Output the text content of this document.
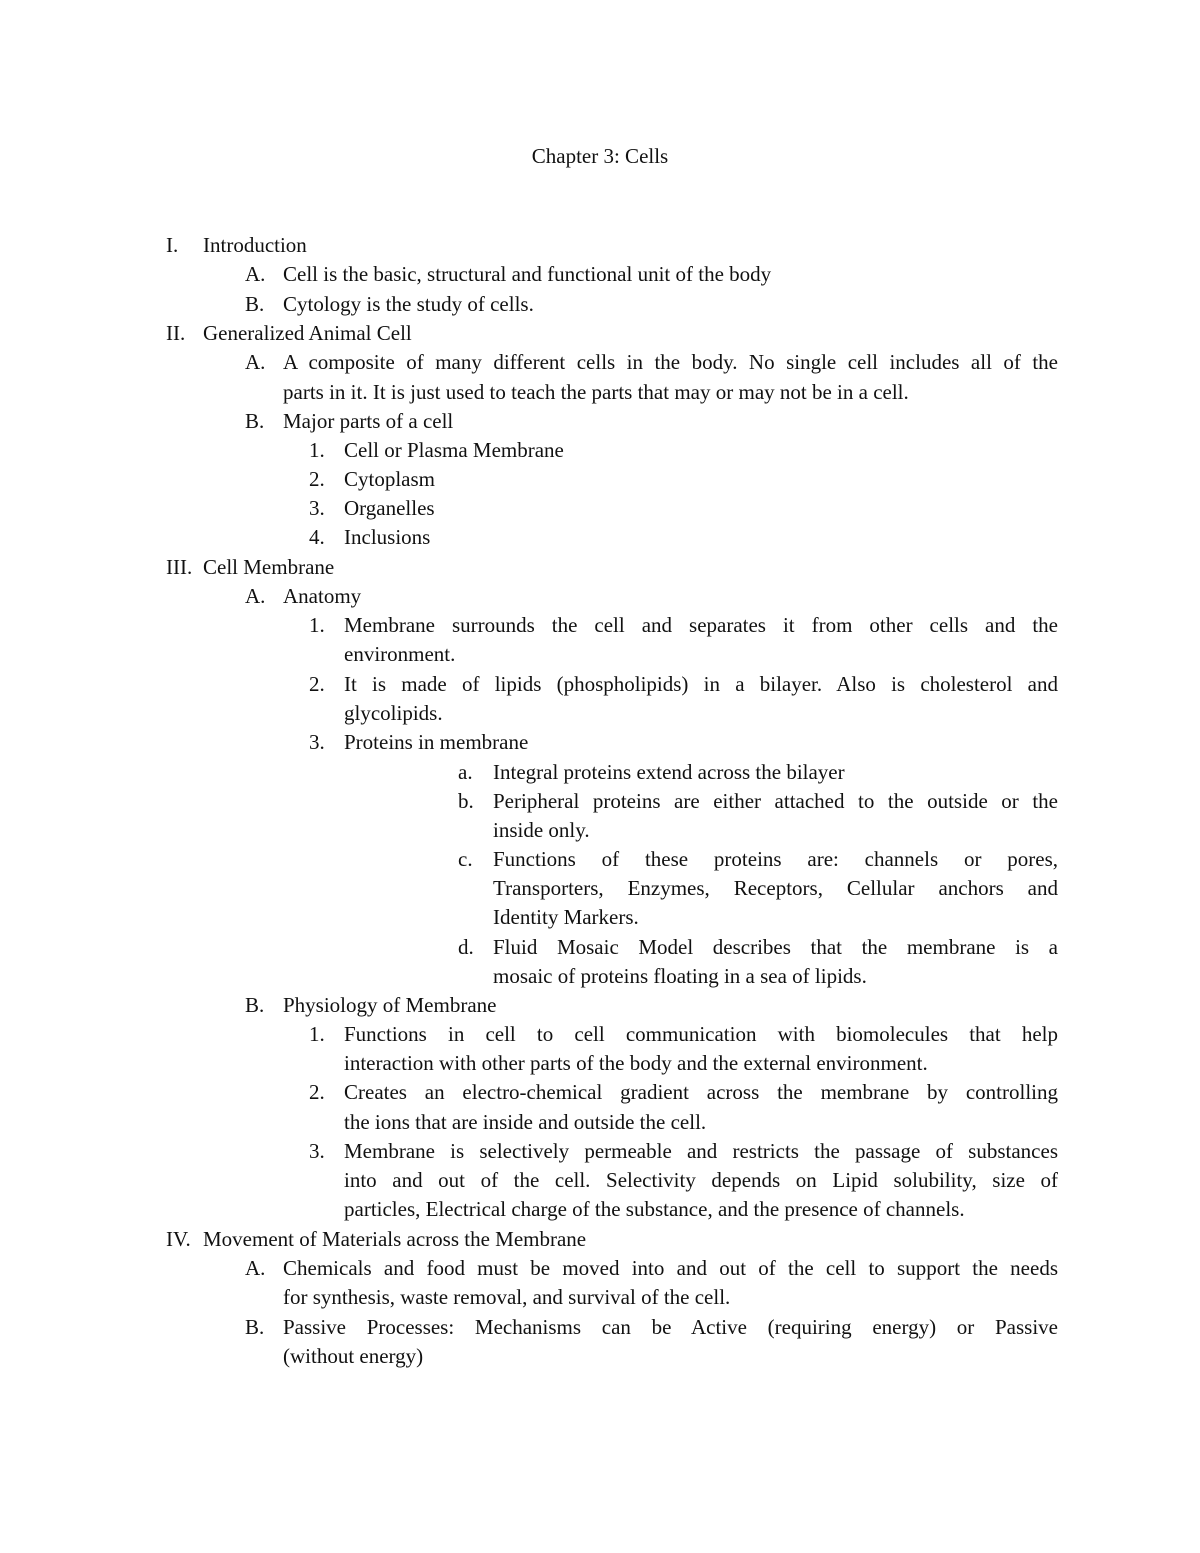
Chapter 3: Cells
I. Introduction
A. Cell is the basic, structural and functional unit of the body
B. Cytology is the study of cells.
II. Generalized Animal Cell
A. A composite of many different cells in the body. No single cell includes all of the
parts in it. It is just used to teach the parts that may or may not be in a cell.
B. Major parts of a cell
1. Cell or Plasma Membrane
2. Cytoplasm
3. Organelles
4. Inclusions
III. Cell Membrane
A. Anatomy
1. Membrane surrounds the cell and separates it from other cells and the
environment.
2. It is made of lipids (phospholipids) in a bilayer. Also is cholesterol and
glycolipids.
3. Proteins in membrane
a. Integral proteins extend across the bilayer
b. Peripheral proteins are either attached to the outside or the
inside only.
c. Functions of these proteins are: channels or pores,
Transporters, Enzymes, Receptors, Cellular anchors and
Identity Markers.
d. Fluid Mosaic Model describes that the membrane is a
mosaic of proteins floating in a sea of lipids.
B. Physiology of Membrane
1. Functions in cell to cell communication with biomolecules that help
interaction with other parts of the body and the external environment.
2. Creates an electro-chemical gradient across the membrane by controlling
the ions that are inside and outside the cell.
3. Membrane is selectively permeable and restricts the passage of substances
into and out of the cell. Selectivity depends on Lipid solubility, size of
particles, Electrical charge of the substance, and the presence of channels.
IV. Movement of Materials across the Membrane
A. Chemicals and food must be moved into and out of the cell to support the needs
for synthesis, waste removal, and survival of the cell.
B. Passive Processes: Mechanisms can be Active (requiring energy) or Passive
(without energy)
